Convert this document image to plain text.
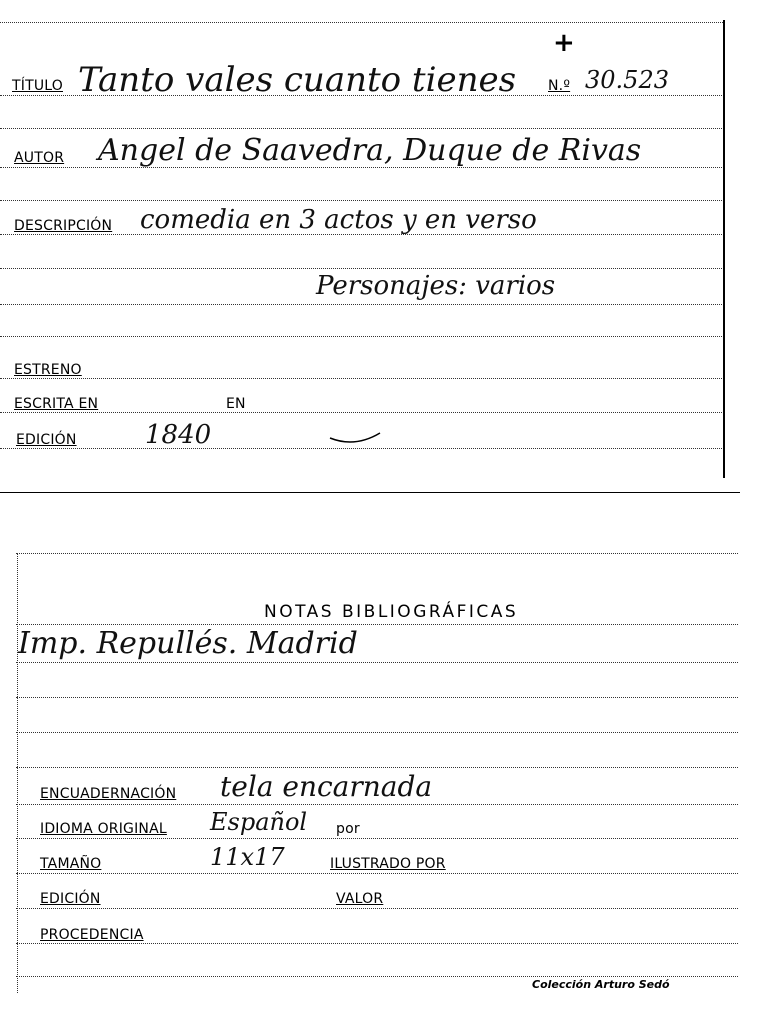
+
TÍTULO Tanto vales cuanto tienes N.º 30.523
AUTOR Angel de Saavedra, Duque de Rivas
DESCRIPCIÓN comedia en 3 actos y en verso
Personajes: varios
ESTRENO
ESCRITA EN	EN
EDICIÓN	1840
NOTAS BIBLIOGRÁFICAS
Imp. Repullés. Madrid
ENCUADERNACIÓN tela encarnada
IDIOMA ORIGINAL Español por
TAMAÑO	11x17	ILUSTRADO POR
EDICIÓN	VALOR
PROCEDENCIA
Colección Arturo Sedó
